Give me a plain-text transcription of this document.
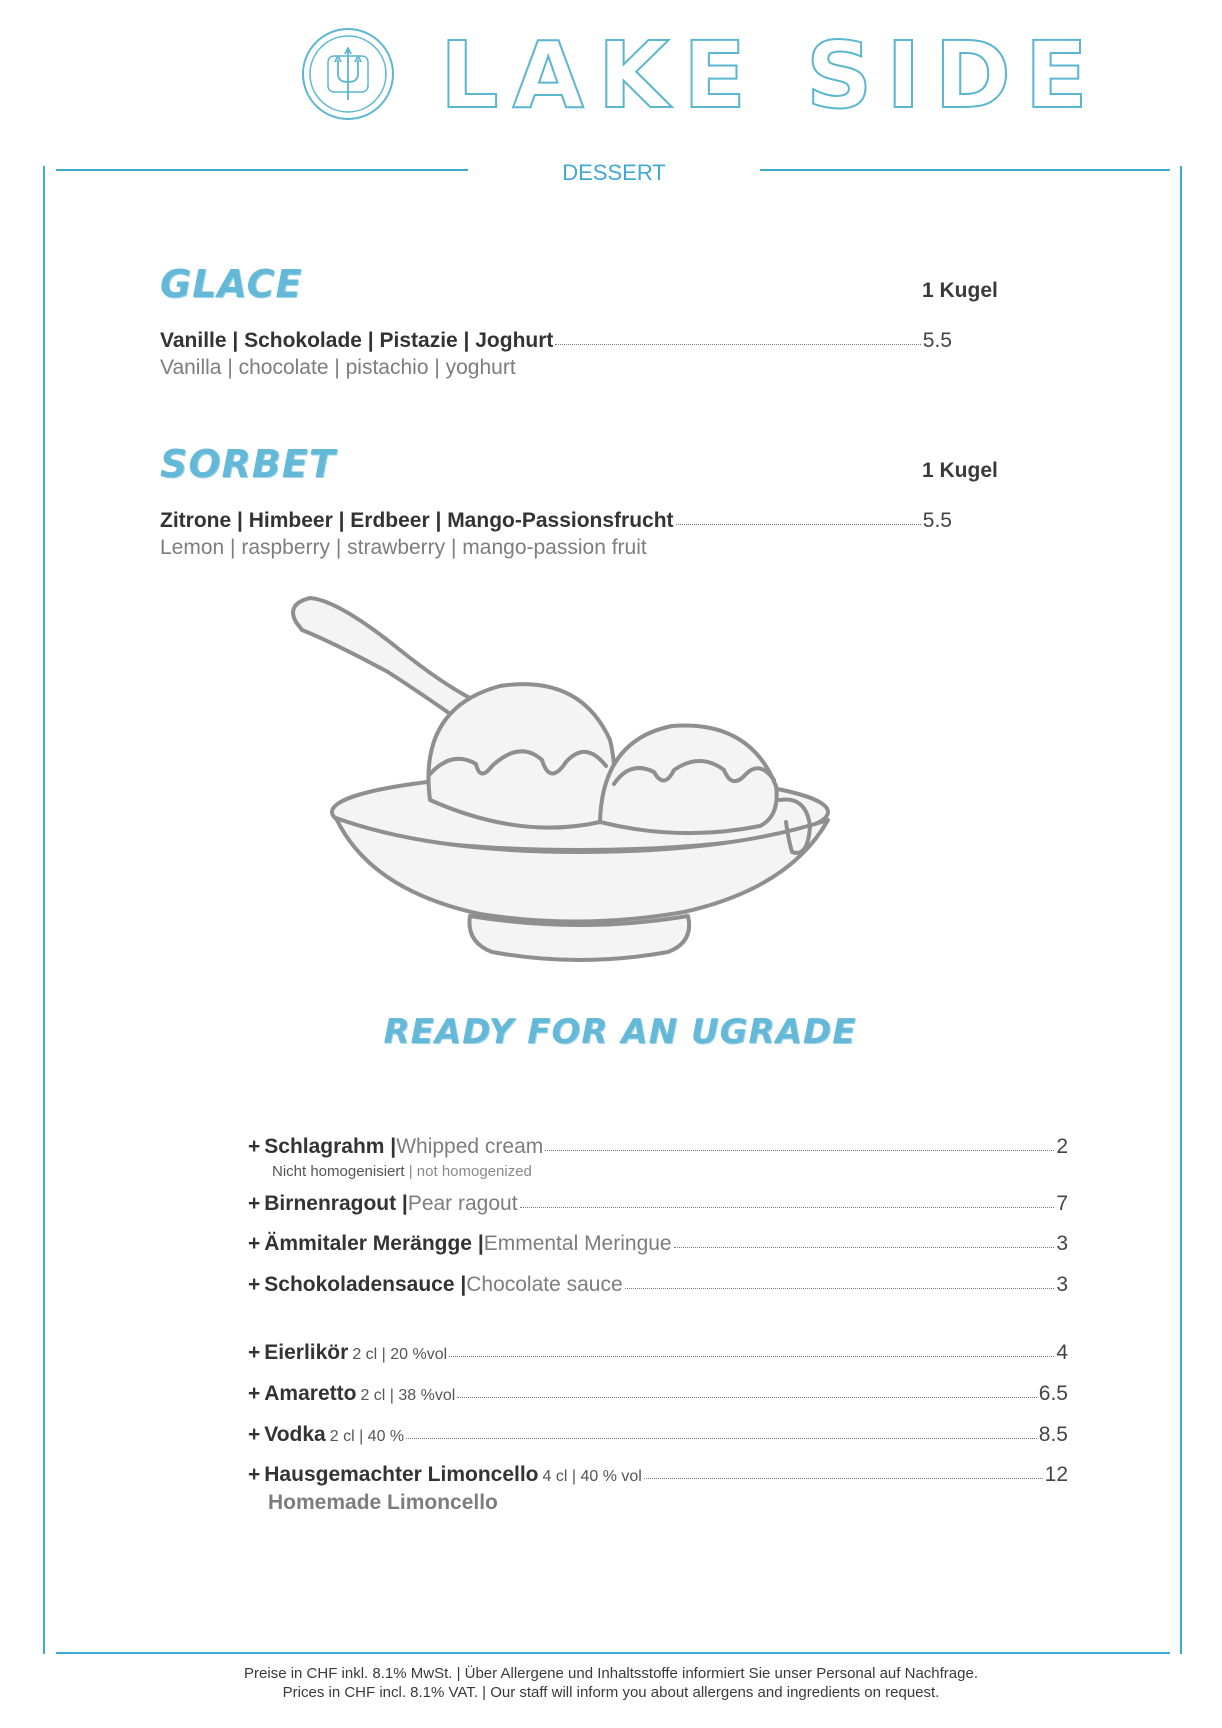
LAKE SIDE
DESSERT
GLACE	1 Kugel
Vanille | Schokolade | Pistazie | Joghurt	5.5
Vanilla | chocolate | pistachio | yoghurt
SORBET	1 Kugel
Zitrone | Himbeer | Erdbeer | Mango-Passionsfrucht	5.5
Lemon | raspberry | strawberry | mango-passion fruit
READY FOR AN UGRADE
+ Schlagrahm | Whipped cream	2
Nicht homogenisiert | not homogenized
+ Birnenragout | Pear ragout	7
+ Ämmitaler Merängge | Emmental Meringue	3
+ Schokoladensauce | Chocolate sauce	3
+ Eierlikör 2 cl | 20 %vol	4
+ Amaretto 2 cl | 38 %vol	6.5
+ Vodka 2 cl | 40 %	8.5
+ Hausgemachter Limoncello 4 cl | 40 % vol	12
Homemade Limoncello
Preise in CHF inkl. 8.1% MwSt. | Über Allergene und Inhaltsstoffe informiert Sie unser Personal auf Nachfrage.
Prices in CHF incl. 8.1% VAT. | Our staff will inform you about allergens and ingredients on request.
